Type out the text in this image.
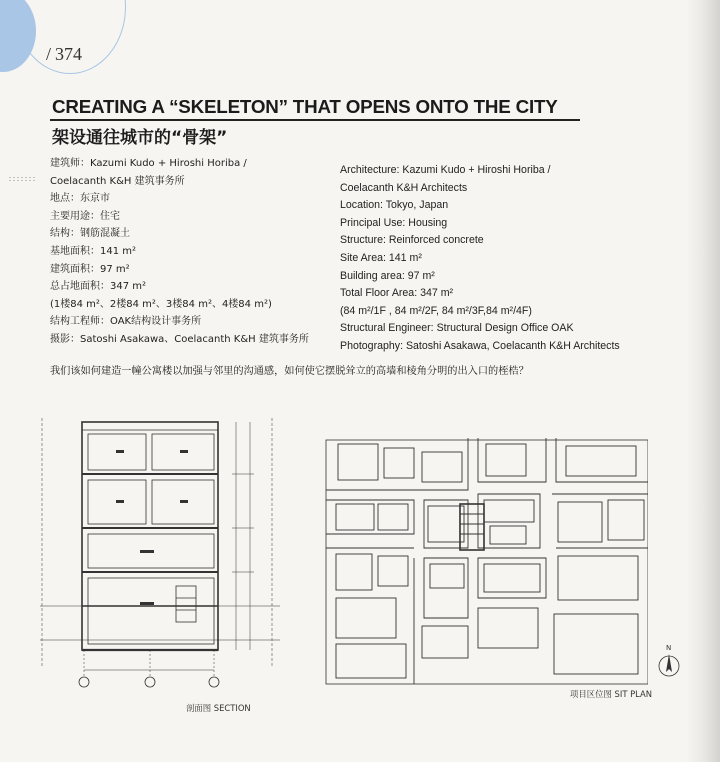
/ 374
CREATING A “SKELETON” THAT OPENS ONTO THE CITY
架设通往城市的“骨架”
建筑师：Kazumi Kudo + Hiroshi Horiba /
Coelacanth K&H 建筑事务所
地点：东京市
主要用途：住宅
结构：钢筋混凝土
基地面积：141 m²
建筑面积：97 m²
总占地面积：347 m²
(1楼84 m²、2楼84 m²、3楼84 m²、4楼84 m²)
结构工程师：OAK结构设计事务所
摄影：Satoshi Asakawa、Coelacanth K&H 建筑事务所
Architecture: Kazumi Kudo + Hiroshi Horiba /
Coelacanth K&H Architects
Location: Tokyo, Japan
Principal Use: Housing
Structure: Reinforced concrete
Site Area: 141 m²
Building area: 97 m²
Total Floor Area: 347 m²
(84 m²/1F , 84 m²/2F, 84 m²/3F,84 m²/4F)
Structural Engineer: Structural Design Office OAK
Photography: Satoshi Asakawa, Coelacanth K&H Architects
我们该如何建造一幢公寓楼以加强与邻里的沟通感，如何使它摆脱耸立的高墙和棱角分明的出入口的桎梏？
剖面图 SECTION
项目区位图 SIT PLAN
N
